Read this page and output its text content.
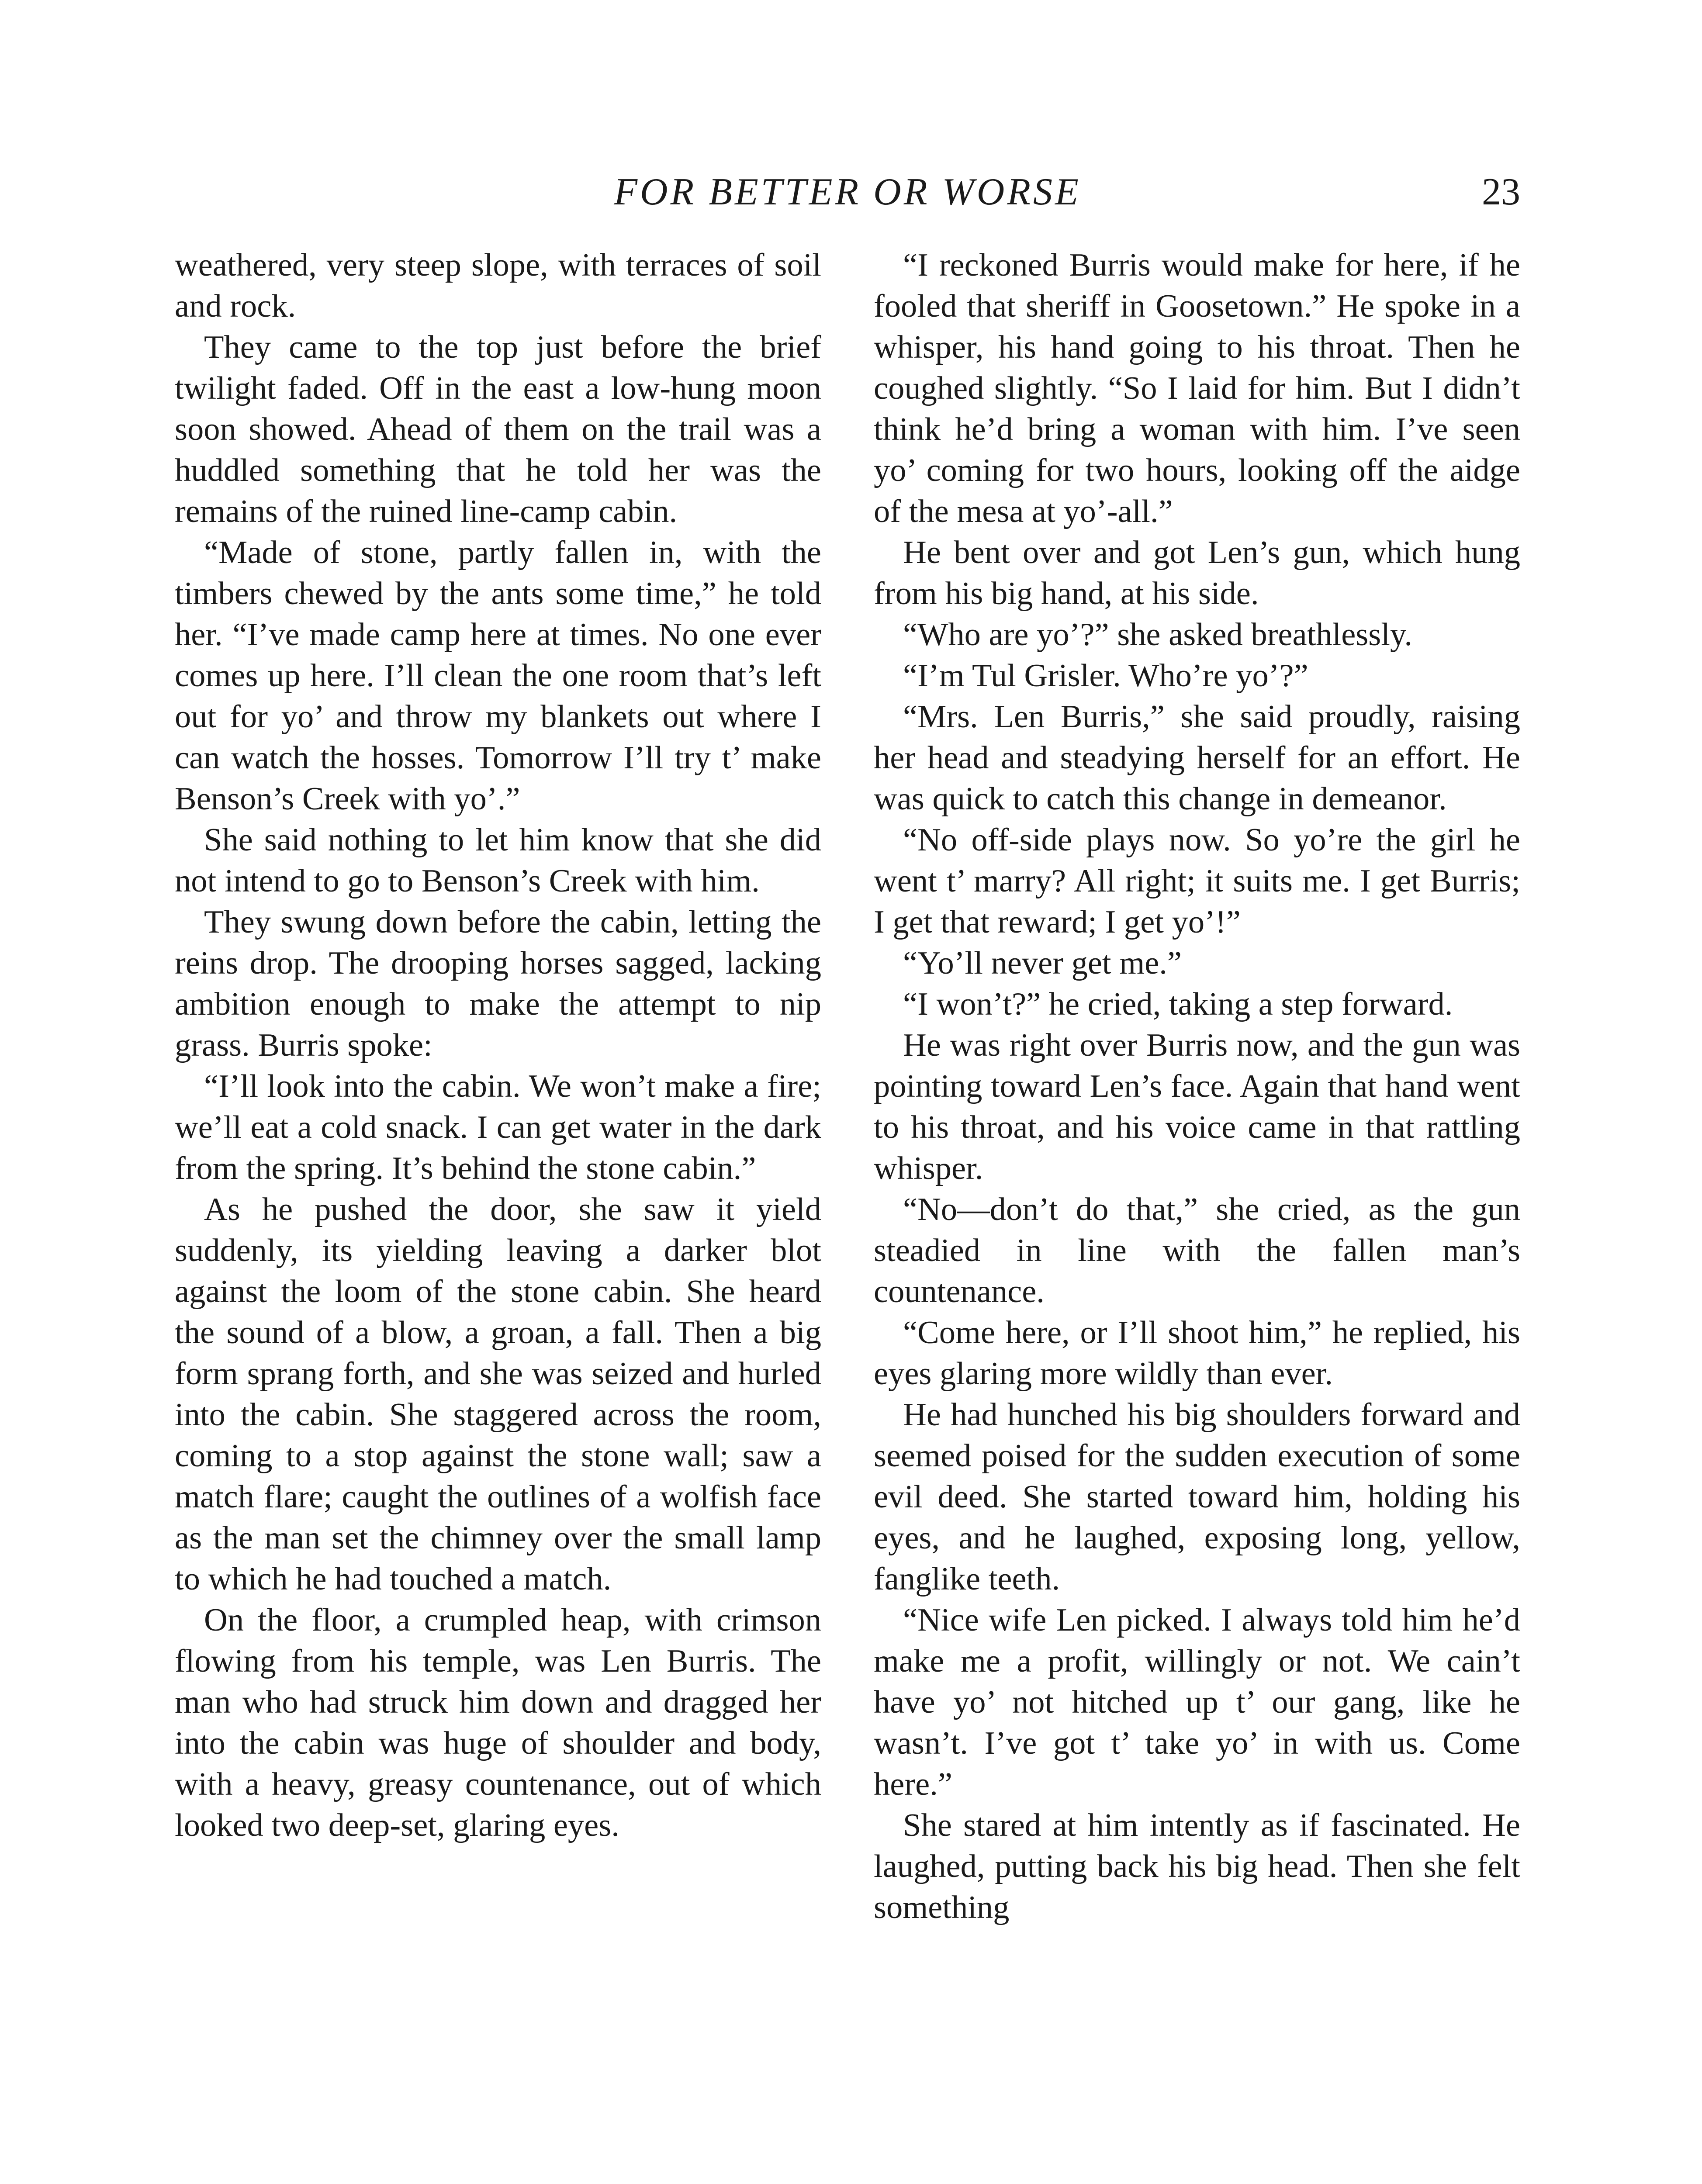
FOR BETTER OR WORSE	23

weathered, very steep slope, with terraces of soil and rock.

They came to the top just before the brief twilight faded. Off in the east a low-hung moon soon showed. Ahead of them on the trail was a huddled something that he told her was the remains of the ruined line-camp cabin.

“Made of stone, partly fallen in, with the timbers chewed by the ants some time,” he told her. “I’ve made camp here at times. No one ever comes up here. I’ll clean the one room that’s left out for yo’ and throw my blankets out where I can watch the hosses. Tomorrow I’ll try t’ make Benson’s Creek with yo’.”

She said nothing to let him know that she did not intend to go to Benson’s Creek with him.

They swung down before the cabin, letting the reins drop. The drooping horses sagged, lacking ambition enough to make the attempt to nip grass. Burris spoke:

“I’ll look into the cabin. We won’t make a fire; we’ll eat a cold snack. I can get water in the dark from the spring. It’s behind the stone cabin.”

As he pushed the door, she saw it yield suddenly, its yielding leaving a darker blot against the loom of the stone cabin. She heard the sound of a blow, a groan, a fall. Then a big form sprang forth, and she was seized and hurled into the cabin. She staggered across the room, coming to a stop against the stone wall; saw a match flare; caught the outlines of a wolfish face as the man set the chimney over the small lamp to which he had touched a match.

On the floor, a crumpled heap, with crimson flowing from his temple, was Len Burris. The man who had struck him down and dragged her into the cabin was huge of shoulder and body, with a heavy, greasy countenance, out of which looked two deep-set, glaring eyes.

“I reckoned Burris would make for here, if he fooled that sheriff in Goosetown.” He spoke in a whisper, his hand going to his throat. Then he coughed slightly. “So I laid for him. But I didn’t think he’d bring a woman with him. I’ve seen yo’ coming for two hours, looking off the aidge of the mesa at yo’-all.”

He bent over and got Len’s gun, which hung from his big hand, at his side.

“Who are yo’?” she asked breathlessly.

“I’m Tul Grisler. Who’re yo’?”

“Mrs. Len Burris,” she said proudly, raising her head and steadying herself for an effort. He was quick to catch this change in demeanor.

“No off-side plays now. So yo’re the girl he went t’ marry? All right; it suits me. I get Burris; I get that reward; I get yo’!”

“Yo’ll never get me.”

“I won’t?” he cried, taking a step forward.

He was right over Burris now, and the gun was pointing toward Len’s face. Again that hand went to his throat, and his voice came in that rattling whisper.

“No—don’t do that,” she cried, as the gun steadied in line with the fallen man’s countenance.

“Come here, or I’ll shoot him,” he replied, his eyes glaring more wildly than ever.

He had hunched his big shoulders forward and seemed poised for the sudden execution of some evil deed. She started toward him, holding his eyes, and he laughed, exposing long, yellow, fanglike teeth.

“Nice wife Len picked. I always told him he’d make me a profit, willingly or not. We cain’t have yo’ not hitched up t’ our gang, like he wasn’t. I’ve got t’ take yo’ in with us. Come here.”

She stared at him intently as if fascinated. He laughed, putting back his big head. Then she felt something
